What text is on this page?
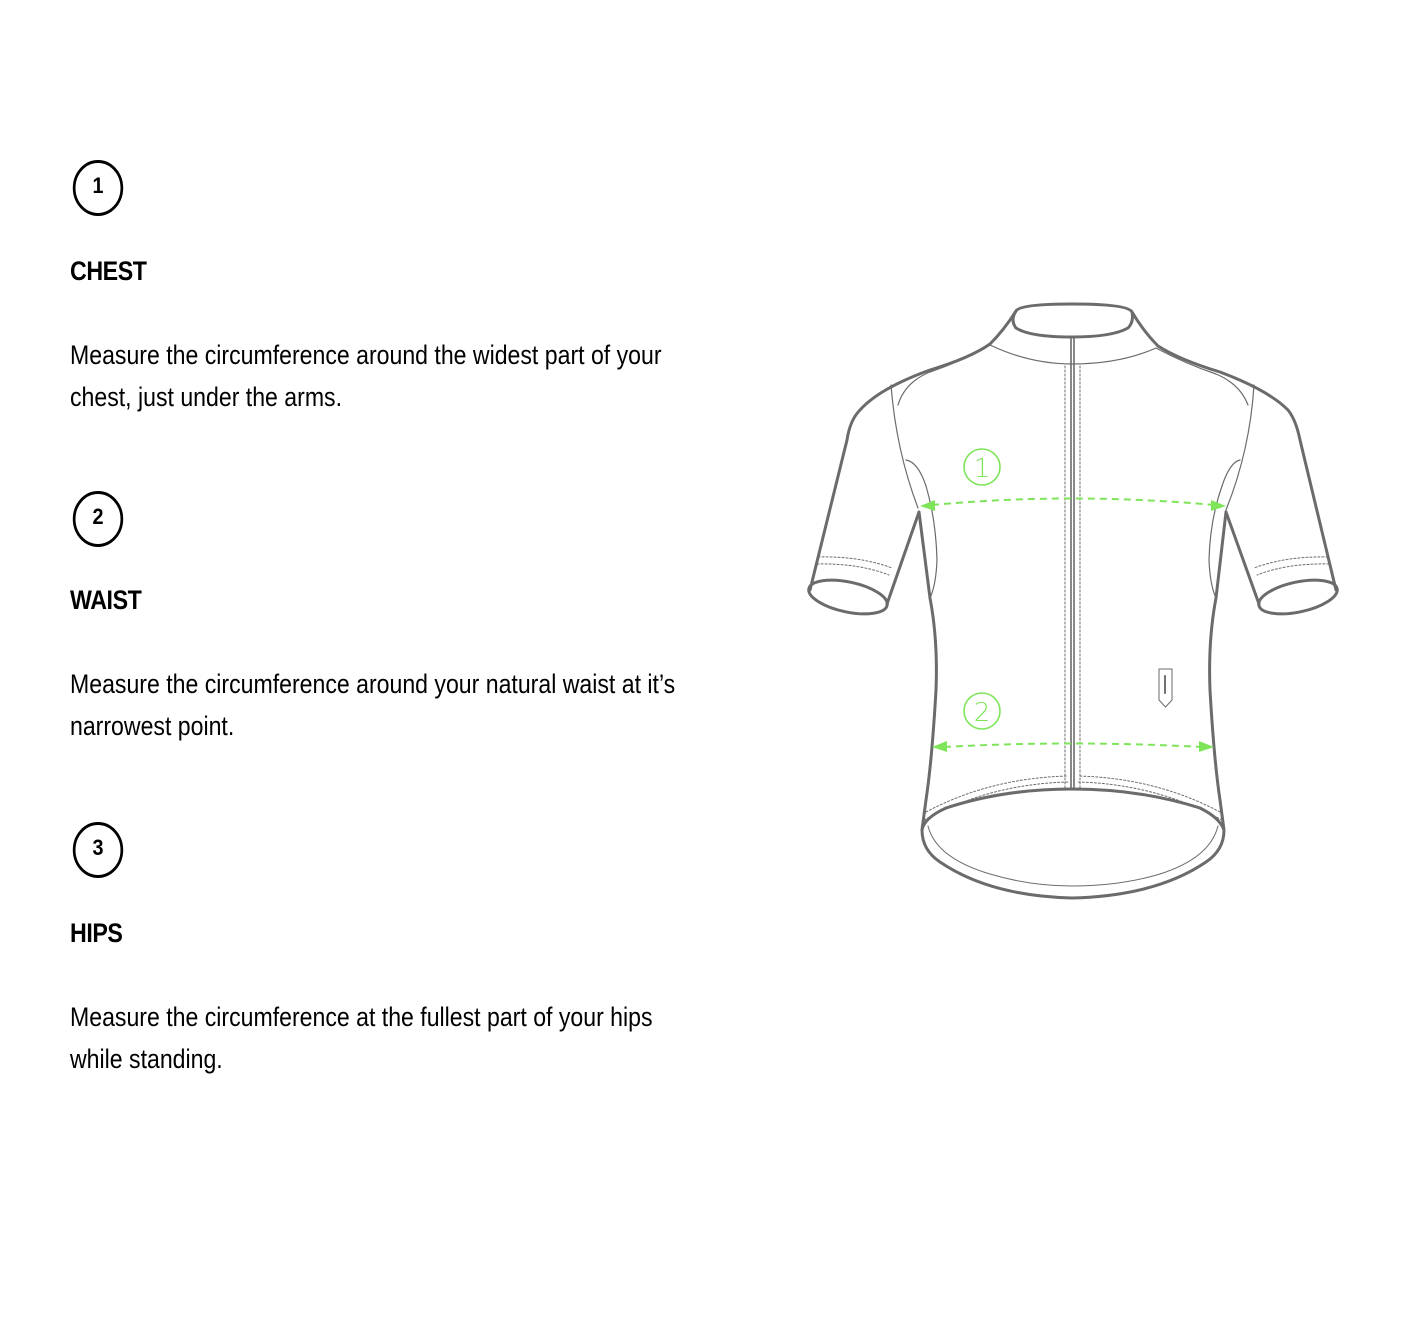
1
CHEST

Measure the circumference around the widest part of your chest, just under the arms.

2
WAIST

Measure the circumference around your natural waist at it’s narrowest point.

3
HIPS

Measure the circumference at the fullest part of your hips while standing.

1
2
